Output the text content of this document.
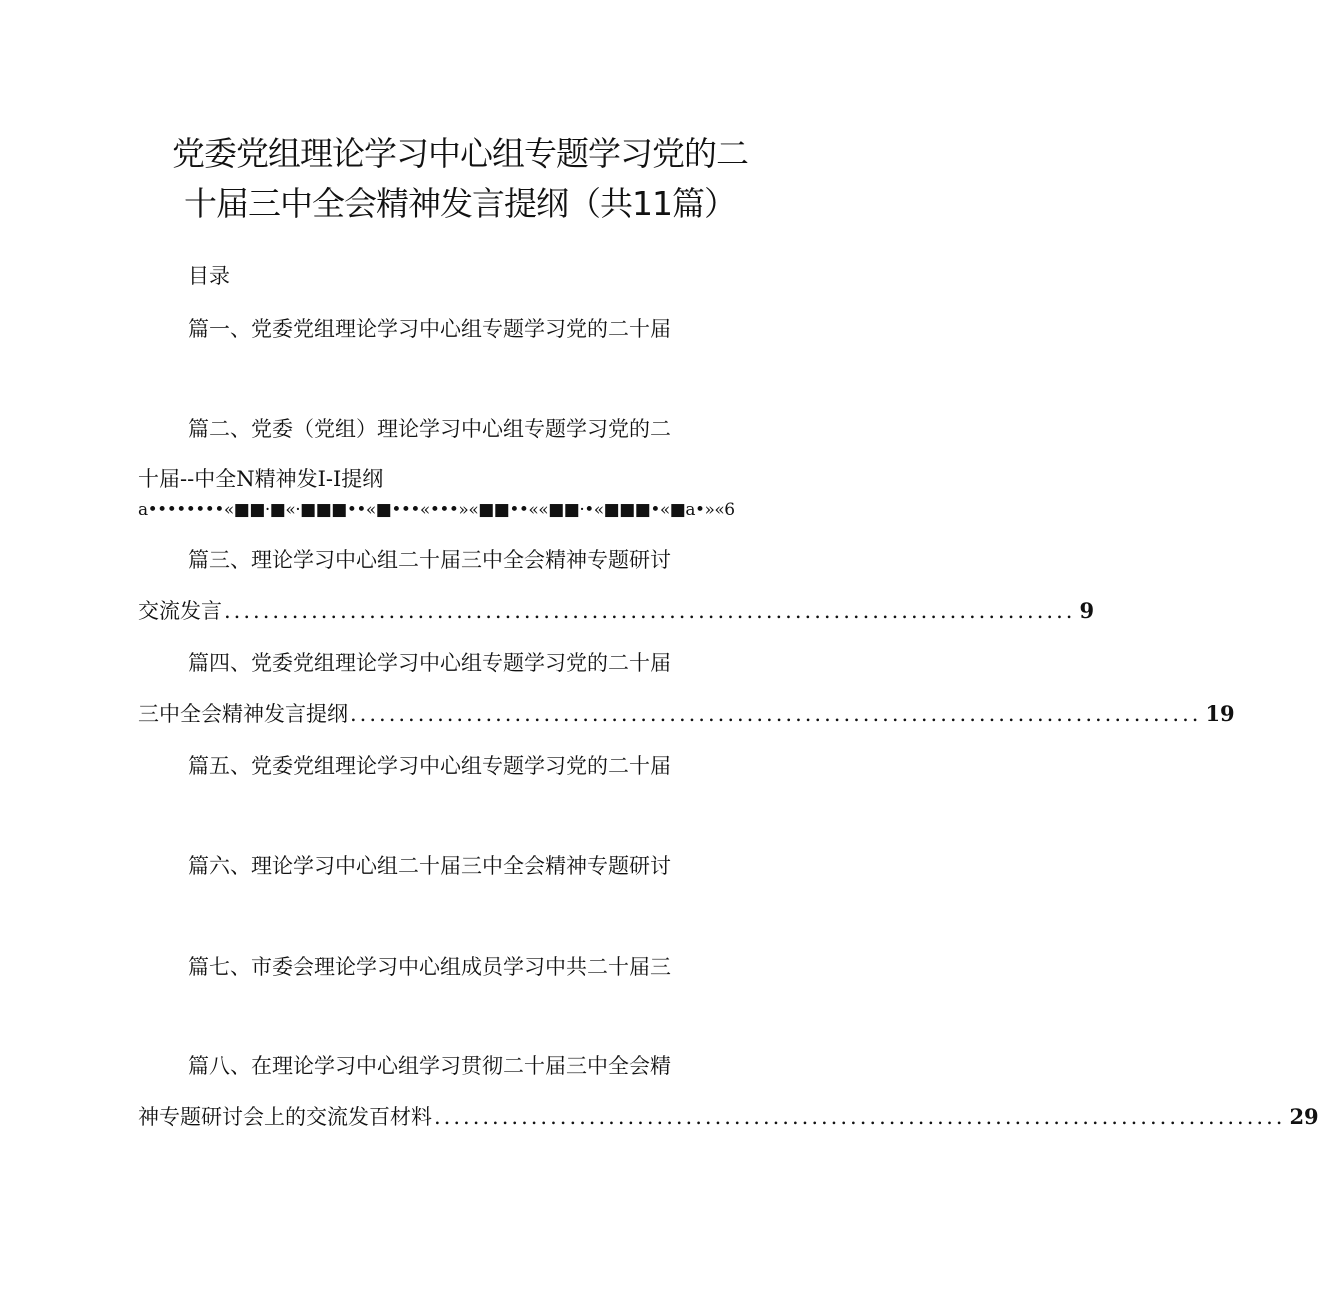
党委党组理论学习中心组专题学习党的二
十届三中全会精神发言提纲（共11篇）
目录
篇一、党委党组理论学习中心组专题学习党的二十届
篇二、党委（党组）理论学习中心组专题学习党的二
十届--中全N精神发I-I提纲
a••••••••«■■·■«·■■■••«■•••«•••»«■■••««■■·•«■■■•«■a•»«6
篇三、理论学习中心组二十届三中全会精神专题研讨
交流发言 ........................................................................................ 9
篇四、党委党组理论学习中心组专题学习党的二十届
三中全会精神发言提纲 ........................................................................................ 19
篇五、党委党组理论学习中心组专题学习党的二十届
篇六、理论学习中心组二十届三中全会精神专题研讨
篇七、市委会理论学习中心组成员学习中共二十届三
篇八、在理论学习中心组学习贯彻二十届三中全会精
神专题研讨会上的交流发百材料 ........................................................................................ 29
